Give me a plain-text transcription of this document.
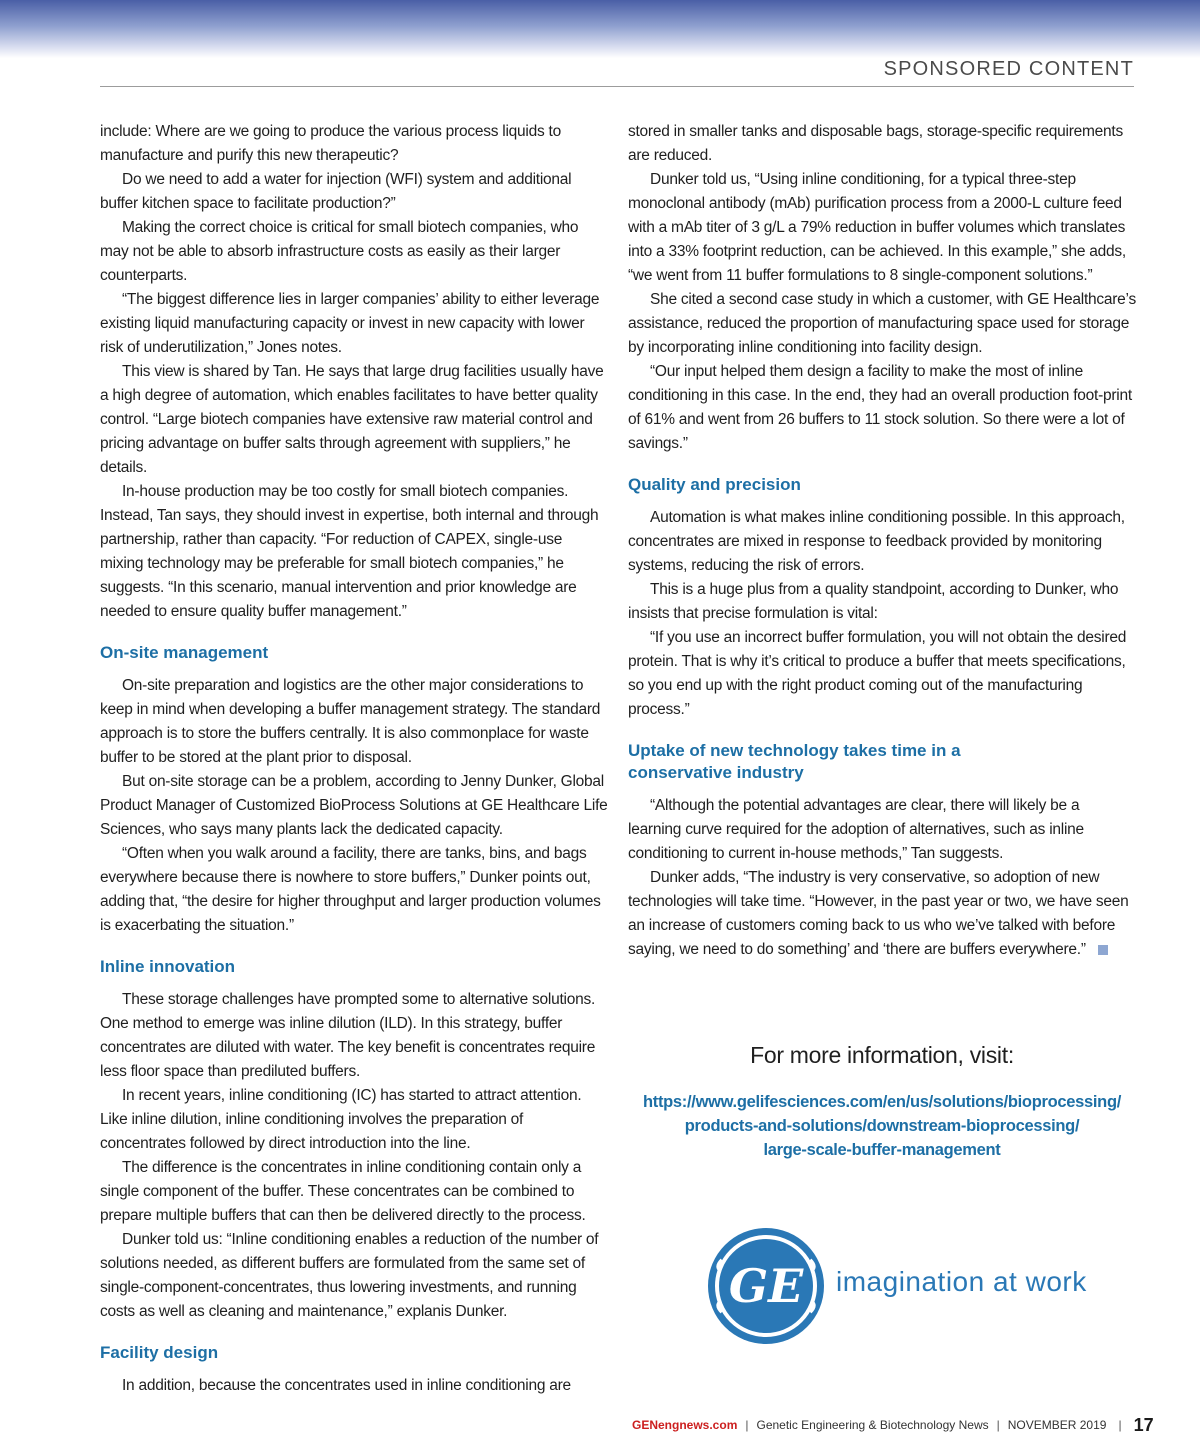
SPONSORED CONTENT

include: Where are we going to produce the various process liquids to manufacture and purify this new therapeutic?

Do we need to add a water for injection (WFI) system and additional buffer kitchen space to facilitate production?”

Making the correct choice is critical for small biotech companies, who may not be able to absorb infrastructure costs as easily as their larger counterparts.

“The biggest difference lies in larger companies’ ability to either leverage existing liquid manufacturing capacity or invest in new capacity with lower risk of underutilization,” Jones notes.

This view is shared by Tan. He says that large drug facilities usually have a high degree of automation, which enables facilitates to have better quality control. “Large biotech companies have extensive raw material control and pricing advantage on buffer salts through agreement with suppliers,” he details.

In-house production may be too costly for small biotech companies. Instead, Tan says, they should invest in expertise, both internal and through partnership, rather than capacity. “For reduction of CAPEX, single-use mixing technology may be preferable for small biotech companies,” he suggests. “In this scenario, manual intervention and prior knowledge are needed to ensure quality buffer management.”

On-site management

On-site preparation and logistics are the other major considerations to keep in mind when developing a buffer management strategy. The standard approach is to store the buffers centrally. It is also commonplace for waste buffer to be stored at the plant prior to disposal.

But on-site storage can be a problem, according to Jenny Dunker, Global Product Manager of Customized BioProcess Solutions at GE Healthcare Life Sciences, who says many plants lack the dedicated capacity.

“Often when you walk around a facility, there are tanks, bins, and bags everywhere because there is nowhere to store buffers,” Dunker points out, adding that, “the desire for higher throughput and larger production volumes is exacerbating the situation.”

Inline innovation

These storage challenges have prompted some to alternative solutions. One method to emerge was inline dilution (ILD). In this strategy, buffer concentrates are diluted with water. The key benefit is concentrates require less floor space than prediluted buffers.

In recent years, inline conditioning (IC) has started to attract attention. Like inline dilution, inline conditioning involves the preparation of concentrates followed by direct introduction into the line.

The difference is the concentrates in inline conditioning contain only a single component of the buffer. These concentrates can be combined to prepare multiple buffers that can then be delivered directly to the process.

Dunker told us: “Inline conditioning enables a reduction of the number of solutions needed, as different buffers are formulated from the same set of single-component-concentrates, thus lowering investments, and running costs as well as cleaning and maintenance,” explanis Dunker.

Facility design

In addition, because the concentrates used in inline conditioning are

stored in smaller tanks and disposable bags, storage-specific requirements are reduced.

Dunker told us, “Using inline conditioning, for a typical three-step monoclonal antibody (mAb) purification process from a 2000-L culture feed with a mAb titer of 3 g/L a 79% reduction in buffer volumes which translates into a 33% footprint reduction, can be achieved. In this example,” she adds, “we went from 11 buffer formulations to 8 single-component solutions.”

She cited a second case study in which a customer, with GE Healthcare’s assistance, reduced the proportion of manufacturing space used for storage by incorporating inline conditioning into facility design.

“Our input helped them design a facility to make the most of inline conditioning in this case. In the end, they had an overall production foot-print of 61% and went from 26 buffers to 11 stock solution. So there were a lot of savings.”

Quality and precision

Automation is what makes inline conditioning possible. In this approach, concentrates are mixed in response to feedback provided by monitoring systems, reducing the risk of errors.

This is a huge plus from a quality standpoint, according to Dunker, who insists that precise formulation is vital:

“If you use an incorrect buffer formulation, you will not obtain the desired protein. That is why it’s critical to produce a buffer that meets specifications, so you end up with the right product coming out of the manufacturing process.”

Uptake of new technology takes time in a conservative industry

“Although the potential advantages are clear, there will likely be a learning curve required for the adoption of alternatives, such as inline conditioning to current in-house methods,” Tan suggests.

Dunker adds, “The industry is very conservative, so adoption of new technologies will take time. “However, in the past year or two, we have seen an increase of customers coming back to us who we’ve talked with before saying, we need to do something’ and ‘there are buffers everywhere.”

For more information, visit:
https://www.gelifesciences.com/en/us/solutions/bioprocessing/
products-and-solutions/downstream-bioprocessing/
large-scale-buffer-management
GE imagination at work
GENengnews.com | Genetic Engineering & Biotechnology News | NOVEMBER 2019 | 17
